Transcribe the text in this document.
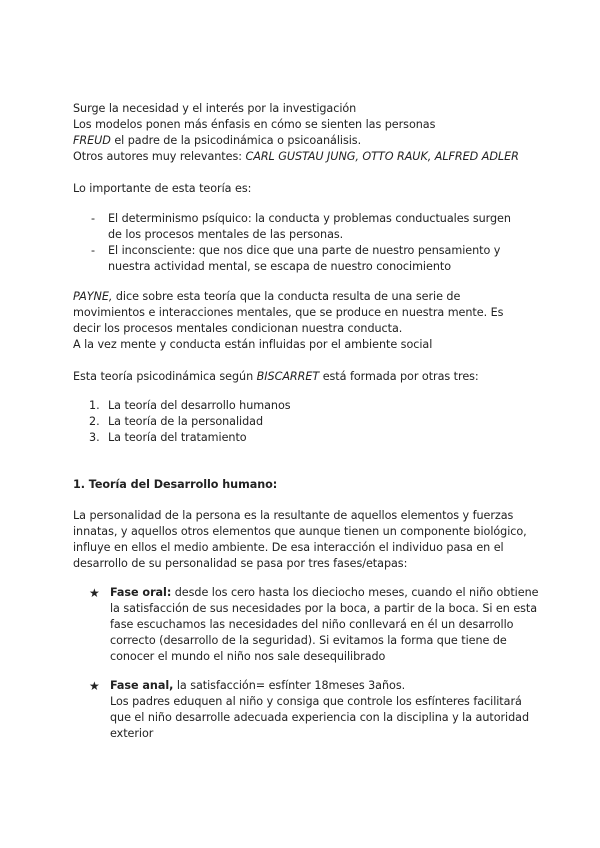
Surge la necesidad y el interés por la investigación
Los modelos ponen más énfasis en cómo se sienten las personas
FREUD el padre de la psicodinámica o psicoanálisis.
Otros autores muy relevantes: CARL GUSTAU JUNG, OTTO RAUK, ALFRED ADLER
Lo importante de esta teoría es:
- El determinismo psíquico: la conducta y problemas conductuales surgen
de los procesos mentales de las personas.
- El inconsciente: que nos dice que una parte de nuestro pensamiento y
nuestra actividad mental, se escapa de nuestro conocimiento
PAYNE, dice sobre esta teoría que la conducta resulta de una serie de
movimientos e interacciones mentales, que se produce en nuestra mente. Es
decir los procesos mentales condicionan nuestra conducta.
A la vez mente y conducta están influidas por el ambiente social
Esta teoría psicodinámica según BISCARRET está formada por otras tres:
1. La teoría del desarrollo humanos
2. La teoría de la personalidad
3. La teoría del tratamiento
1. Teoría del Desarrollo humano:
La personalidad de la persona es la resultante de aquellos elementos y fuerzas
innatas, y aquellos otros elementos que aunque tienen un componente biológico,
influye en ellos el medio ambiente. De esa interacción el individuo pasa en el
desarrollo de su personalidad se pasa por tres fases/etapas:
★ Fase oral: desde los cero hasta los dieciocho meses, cuando el niño obtiene
la satisfacción de sus necesidades por la boca, a partir de la boca. Si en esta
fase escuchamos las necesidades del niño conllevará en él un desarrollo
correcto (desarrollo de la seguridad). Si evitamos la forma que tiene de
conocer el mundo el niño nos sale desequilibrado
★ Fase anal, la satisfacción= esfínter 18meses 3años.
Los padres eduquen al niño y consiga que controle los esfínteres facilitará
que el niño desarrolle adecuada experiencia con la disciplina y la autoridad
exterior
